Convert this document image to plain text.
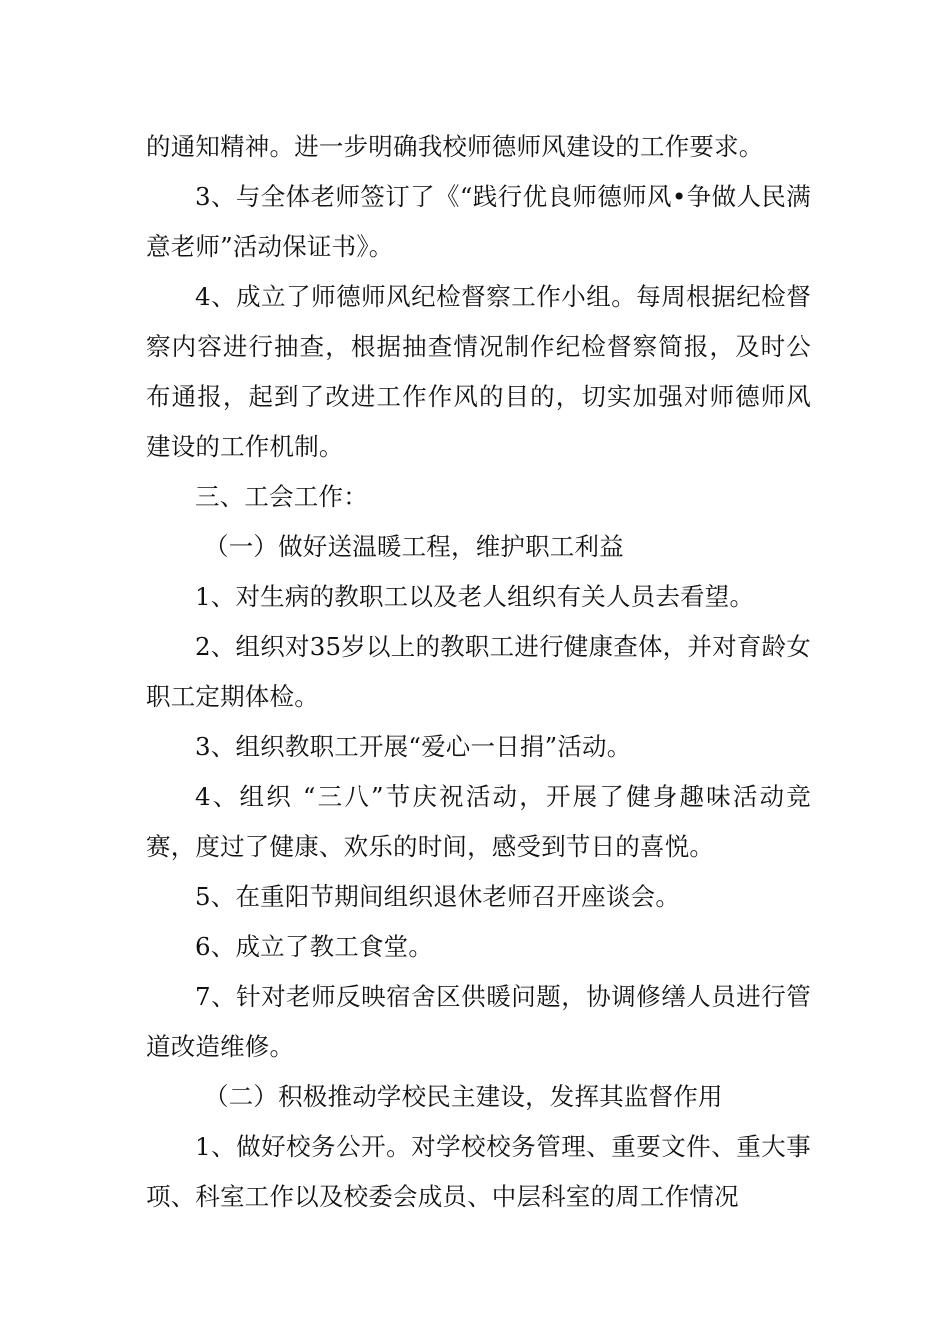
的通知精神。进一步明确我校师德师风建设的工作要求。

3、与全体老师签订了《“践行优良师德师风•争做人民满意老师”活动保证书》。

4、成立了师德师风纪检督察工作小组。每周根据纪检督察内容进行抽查，根据抽查情况制作纪检督察简报，及时公布通报，起到了改进工作作风的目的，切实加强对师德师风建设的工作机制。

三、工会工作：

（一）做好送温暖工程，维护职工利益

1、对生病的教职工以及老人组织有关人员去看望。

2、组织对35岁以上的教职工进行健康查体，并对育龄女职工定期体检。

3、组织教职工开展“爱心一日捐”活动。

4、组织 “三八”节庆祝活动，开展了健身趣味活动竞赛，度过了健康、欢乐的时间，感受到节日的喜悦。

5、在重阳节期间组织退休老师召开座谈会。

6、成立了教工食堂。

7、针对老师反映宿舍区供暖问题，协调修缮人员进行管道改造维修。

（二）积极推动学校民主建设，发挥其监督作用

1、做好校务公开。对学校校务管理、重要文件、重大事项、科室工作以及校委会成员、中层科室的周工作情况
